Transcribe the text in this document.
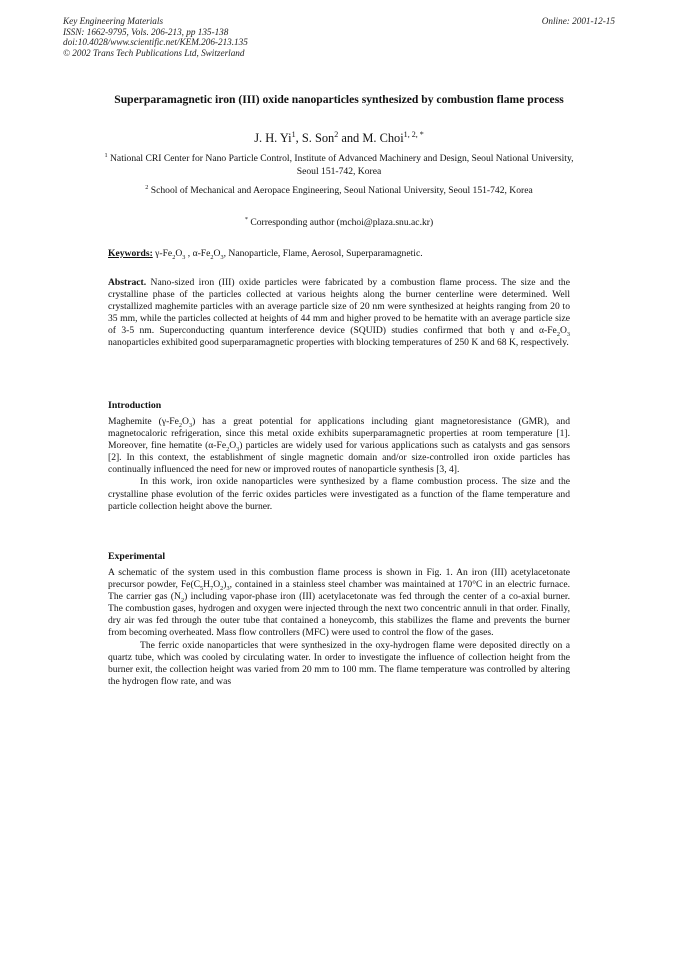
Key Engineering Materials
ISSN: 1662-9795, Vols. 206-213, pp 135-138
doi:10.4028/www.scientific.net/KEM.206-213.135
© 2002 Trans Tech Publications Ltd, Switzerland
Online: 2001-12-15
Superparamagnetic iron (III) oxide nanoparticles synthesized by combustion flame process
J. H. Yi$^1$, S. Son$^2$ and M. Choi$^{1, 2, *}$
$^1$ National CRI Center for Nano Particle Control, Institute of Advanced Machinery and Design, Seoul National University, Seoul 151-742, Korea
$^2$ School of Mechanical and Aeropace Engineering, Seoul National University, Seoul 151-742, Korea
* Corresponding author (mchoi@plaza.snu.ac.kr)
Keywords: $\gamma-Fe_2O_3$ , $\alpha-Fe_2O_3$, Nanoparticle, Flame, Aerosol, Superparamagnetic.
Abstract. Nano-sized iron (III) oxide particles were fabricated by a combustion flame process. The size and the crystalline phase of the particles collected at various heights along the burner centerline were determined. Well crystallized maghemite particles with an average particle size of 20 nm were synthesized at heights ranging from 20 to 35 mm, while the particles collected at heights of 44 mm and higher proved to be hematite with an average particle size of 3-5 nm. Superconducting quantum interference device (SQUID) studies confirmed that both γ and $\alpha-Fe_2O_3$ nanoparticles exhibited good superparamagnetic properties with blocking temperatures of 250 K and 68 K, respectively.
Introduction

Maghemite $(\gamma-Fe_2O_3)$ has a great potential for applications including giant magnetoresistance (GMR), and magnetocaloric refrigeration, since this metal oxide exhibits superparamagnetic properties at room temperature [1]. Moreover, fine hematite $(\alpha-Fe_2O_3)$ particles are widely used for various applications such as catalysts and gas sensors [2]. In this context, the establishment of single magnetic domain and/or size-controlled iron oxide particles has continually influenced the need for new or improved routes of nanoparticle synthesis [3, 4].

In this work, iron oxide nanoparticles were synthesized by a flame combustion process. The size and the crystalline phase evolution of the ferric oxides particles were investigated as a function of the flame temperature and particle collection height above the burner.

Experimental

A schematic of the system used in this combustion flame process is shown in Fig. 1. An iron (III) acetylacetonate precursor powder, $Fe(C_5H_7O_2)_3$, contained in a stainless steel chamber was maintained at 170°C in an electric furnace. The carrier gas $(N_2)$ including vapor-phase iron (III) acetylacetonate was fed through the center of a co-axial burner. The combustion gases, hydrogen and oxygen were injected through the next two concentric annuli in that order. Finally, dry air was fed through the outer tube that contained a honeycomb, this stabilizes the flame and prevents the burner from becoming overheated. Mass flow controllers (MFC) were used to control the flow of the gases.

The ferric oxide nanoparticles that were synthesized in the oxy-hydrogen flame were deposited directly on a quartz tube, which was cooled by circulating water. In order to investigate the influence of collection height from the burner exit, the collection height was varied from 20 mm to 100 mm. The flame temperature was controlled by altering the hydrogen flow rate, and was
